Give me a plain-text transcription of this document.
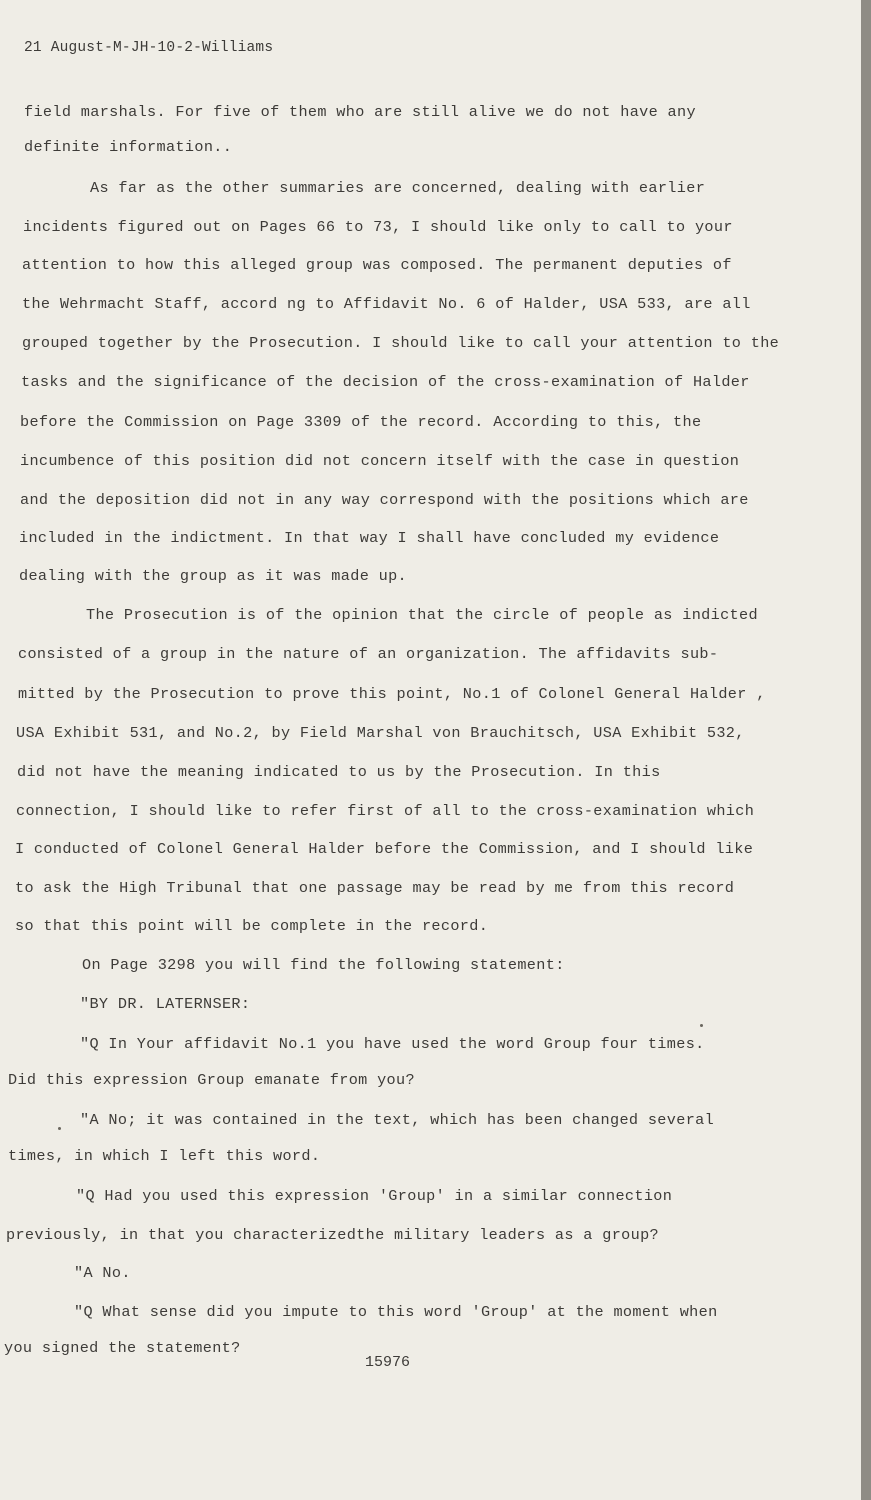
21 August-M-JH-10-2-Williams
field marshals. For five of them who are still alive we do not have any
definite information..
As far as the other summaries are concerned, dealing with earlier
incidents figured out on Pages 66 to 73, I should like only to call to your
attention to how this alleged group was composed. The permanent deputies of
the Wehrmacht Staff, accord ng to Affidavit No. 6 of Halder, USA 533, are all
grouped together by the Prosecution. I should like to call your attention to the
tasks and the significance of the decision of the cross-examination of Halder
before the Commission on Page 3309 of the record. According to this, the
incumbence of this position did not concern itself with the case in question
and the deposition did not in any way correspond with the positions which are
included in the indictment. In that way I shall have concluded my evidence
dealing with the group as it was made up.
The Prosecution is of the opinion that the circle of people as indicted
consisted of a group in the nature of an organization. The affidavits sub-
mitted by the Prosecution to prove this point, No.1 of Colonel General Halder ,
USA Exhibit 531, and No.2, by Field Marshal von Brauchitsch, USA Exhibit 532,
did not have the meaning indicated to us by the Prosecution. In this
connection, I should like to refer first of all to the cross-examination which
I conducted of Colonel General Halder before the Commission, and I should like
to ask the High Tribunal that one passage may be read by me from this record
so that this point will be complete in the record.
On Page 3298 you will find the following statement:
"BY DR. LATERNSER:
"Q In Your affidavit No.1 you have used the word Group four times.
Did this expression Group emanate from you?
"A No; it was contained in the text, which has been changed several
times, in which I left this word.
"Q Had you used this expression 'Group' in a similar connection
previously, in that you characterizedthe military leaders as a group?
"A No.
"Q What sense did you impute to this word 'Group' at the moment when
you signed the statement?
15976
